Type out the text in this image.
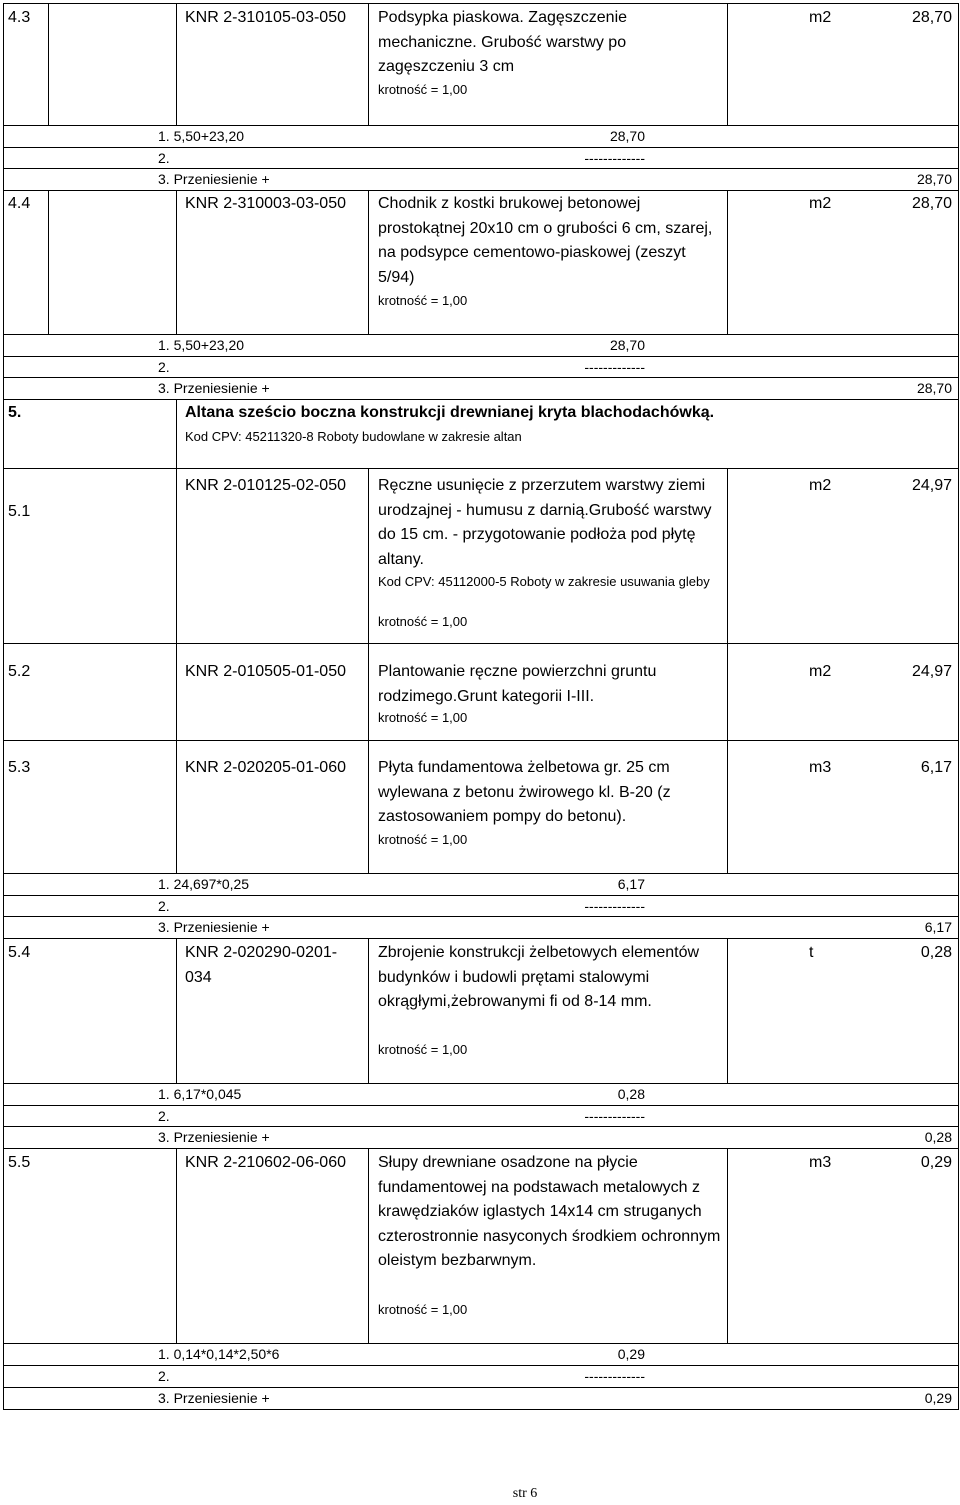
4.3	KNR 2-310105-03-050	Podsypka piaskowa. Zagęszczenie mechaniczne. Grubość warstwy po zagęszczeniu 3 cm
krotność = 1,00
m2	28,70
1. 5,50+23,20	28,70
2.	-------------
3. Przeniesienie +	28,70
4.4	KNR 2-310003-03-050	Chodnik z kostki brukowej betonowej prostokątnej 20x10 cm o grubości 6 cm, szarej, na podsypce cementowo-piaskowej (zeszyt 5/94)
krotność = 1,00
m2	28,70
1. 5,50+23,20	28,70
2.	-------------
3. Przeniesienie +	28,70
5.	Altana sześcio boczna konstrukcji drewnianej kryta blachodachówką.
Kod CPV: 45211320-8 Roboty budowlane w zakresie altan
5.1
KNR 2-010125-02-050	Ręczne usunięcie z przerzutem warstwy ziemi urodzajnej - humusu z darnią.Grubość warstwy do 15 cm. - przygotowanie podłoża pod płytę altany.
Kod CPV: 45112000-5 Roboty w zakresie usuwania gleby
krotność = 1,00
m2	24,97
5.2	KNR 2-010505-01-050	Plantowanie ręczne powierzchni gruntu rodzimego.Grunt kategorii I-III.
krotność = 1,00
m2	24,97
5.3	KNR 2-020205-01-060	Płyta fundamentowa żelbetowa gr. 25 cm wylewana z betonu żwirowego kl. B-20 (z zastosowaniem pompy do betonu).
krotność = 1,00
m3	6,17
1. 24,697*0,25	6,17
2.	-------------
3. Przeniesienie +	6,17
5.4	KNR 2-020290-0201-034
Zbrojenie konstrukcji żelbetowych elementów budynków i budowli prętami stalowymi okrągłymi,żebrowanymi fi od 8-14 mm.
krotność = 1,00
t	0,28
1. 6,17*0,045	0,28
2.	-------------
3. Przeniesienie +	0,28
5.5	KNR 2-210602-06-060	Słupy drewniane osadzone na płycie fundamentowej na podstawach metalowych z krawędziaków iglastych 14x14 cm struganych czterostronnie nasyconych środkiem ochronnym oleistym bezbarwnym.
krotność = 1,00
m3	0,29
1. 0,14*0,14*2,50*6	0,29
2.	-------------
3. Przeniesienie +	0,29
str 6
